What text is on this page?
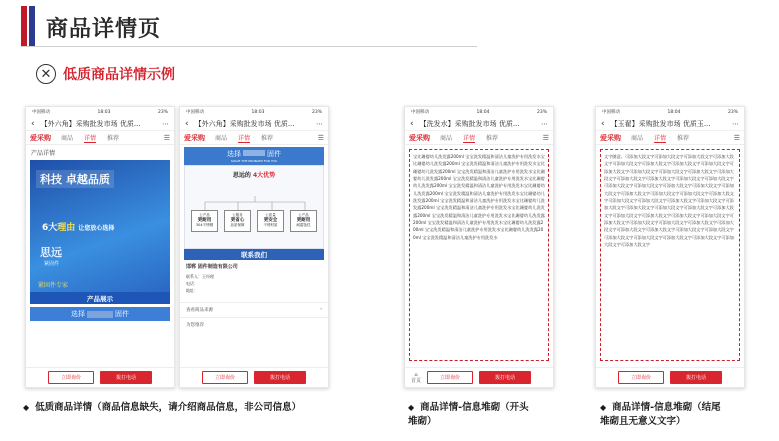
商品详情页
✕ 低质商品详情示例
中国移动	18:03	23%
‹ 【外六角】采购批发市场 优质...	⋯
爱采购 商品 详情 推荐	☰
产品详情
科技 卓越品质
6大理由 让您放心选择
思远
紧固件
紧固件专家
产品展示
选择	固件
立即询价	拨打电话
中国移动	18:03	23%
‹ 【外六角】采购批发市场 优质...	⋯
爱采购 商品 详情 推荐	☰
选择	固件
SOLVE THE PROBLEM FOR YOU
思远的 4大优势
公产品
更耐用
304不锈钢
公服务
更省心
品质保障
公质量
更安全
不锈材质
公产品
更耐用
耐腐蚀性
联系我们
邯郸 固件制造有限公司
联系人：王经理
电话：
地址：
查看商品来源	›
为您推荐
立即询价	拨打电话
中国移动	18:04	23%
‹ 【洗发水】采购批发市场 优质...	⋯
爱采购 商品 详情 推荐	☰
宝比珊婴幼儿洗发露200ml 宝宝洗发精温和清洁儿童洗护专用洗发水宝比珊婴幼儿洗发露200ml 宝宝洗发精温和清洁儿童洗护专用洗发水宝比珊婴幼儿洗发露200ml 宝宝洗发精温和清洁儿童洗护专用洗发水宝比珊婴幼儿洗发露200ml 宝宝洗发精温和清洁儿童洗护专用洗发水宝比珊婴幼儿洗发露200ml 宝宝洗发精温和清洁儿童洗护专用洗发水宝比珊婴幼儿洗发露200ml 宝宝洗发精温和清洁儿童洗护专用洗发水宝比珊婴幼儿洗发露200ml 宝宝洗发精温和清洁儿童洗护专用洗发水宝比珊婴幼儿洗发露200ml 宝宝洗发精温和清洁儿童洗护专用洗发水宝比珊婴幼儿洗发露200ml 宝宝洗发精温和清洁儿童洗护专用洗发水宝比珊婴幼儿洗发露200ml 宝宝洗发精温和清洁儿童洗护专用洗发水宝比珊婴幼儿洗发露200ml 宝宝洗发精温和清洁儿童洗护专用洗发水宝比珊婴幼儿洗发露200ml 宝宝洗发精温和清洁儿童洗护专用洗发水
立即询价	拨打电话
⌂
首页
中国移动	18:04	23%
‹ 【玉翟】采购批发市场 优质玉...	⋯
爱采购 商品 详情 推荐	☰
文字随意。可添加大段文字可添加大段文字可添加大段文字可添加大段文字可添加大段文字可添加大段文字可添加大段文字可添加大段文字可添加大段文字可添加大段文字可添加大段文字可添加大段文字可添加大段文字可添加大段文字可添加大段文字可添加大段文字可添加大段文字可添加大段文字可添加大段文字可添加大段文字可添加大段文字可添加大段文字可添加大段文字可添加大段文字可添加大段文字可添加大段文字可添加大段文字可添加大段文字可添加大段文字可添加大段文字可添加大段文字可添加大段文字可添加大段文字可添加大段文字可添加大段文字可添加大段文字可添加大段文字可添加大段文字可添加大段文字可添加大段文字可添加大段文字可添加大段文字可添加大段文字可添加大段文字可添加大段文字可添加大段文字可添加大段文字可添加大段文字可添加大段文字可添加大段文字可添加大段文字可添加大段文字可添加大段文字可添加大段文字
立即询价	拨打电话
◆ 低质商品详情（商品信息缺失，请介绍商品信息，非公司信息）	◆ 商品详情-信息堆砌（开头
堆砌）
◆ 商品详情-信息堆砌（结尾
堆砌且无意义文字）
